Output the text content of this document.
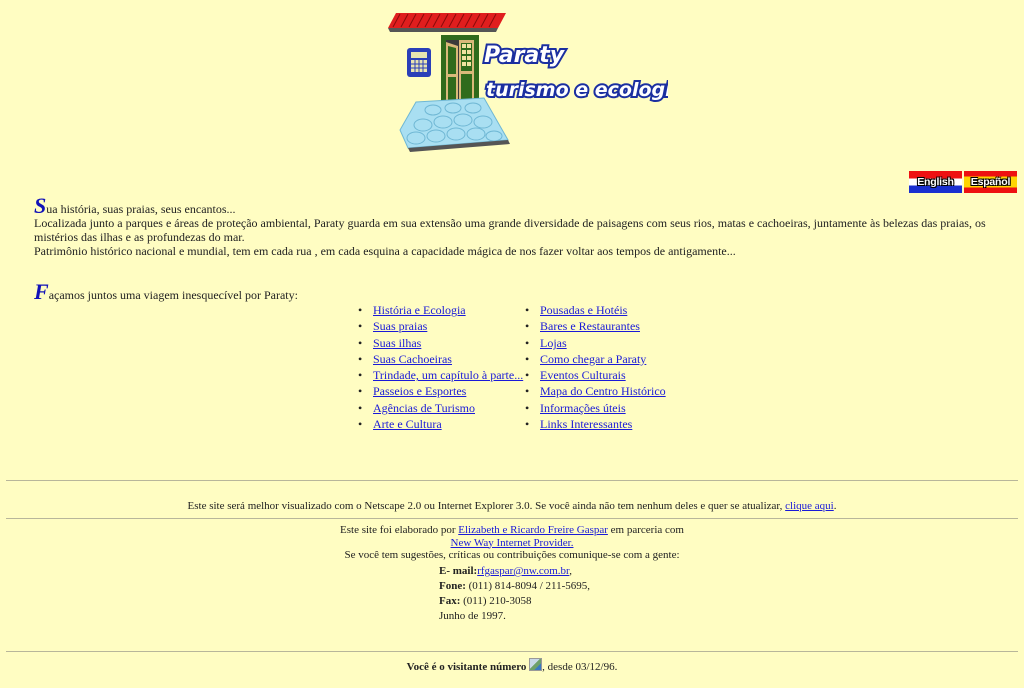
Paraty
turismo e ecologia
English	Español

Sua história, suas praias, seus encantos...

Localizada junto a parques e áreas de proteção ambiental, Paraty guarda em sua extensão uma grande diversidade de paisagens com seus rios, matas e cachoeiras, juntamente às belezas das praias, os mistérios das ilhas e as profundezas do mar.

Patrimônio histórico nacional e mundial, tem em cada rua , em cada esquina a capacidade mágica de nos fazer voltar aos tempos de antigamente...

Façamos juntos uma viagem inesquecível por Paraty:
• História e Ecologia
• Suas praias
• Suas ilhas
• Suas Cachoeiras
• Trindade, um capítulo à parte...
• Passeios e Esportes
• Agências de Turismo
• Arte e Cultura
• Pousadas e Hotéis
• Bares e Restaurantes
• Lojas
• Como chegar a Paraty
• Eventos Culturais
• Mapa do Centro Histórico
• Informações úteis
• Links Interessantes
Este site será melhor visualizado com o Netscape 2.0 ou Internet Explorer 3.0. Se você ainda não tem nenhum deles e quer se atualizar, clique aqui.
Este site foi elaborado por Elizabeth e Ricardo Freire Gaspar em parceria com
New Way Internet Provider.
Se você tem sugestões, críticas ou contribuições comunique-se com a gente:
E- mail:rfgaspar@nw.com.br,
Fone: (011) 814-8094 / 211-5695,
Fax: (011) 210-3058
Junho de 1997.
Você é o visitante número , desde 03/12/96.
